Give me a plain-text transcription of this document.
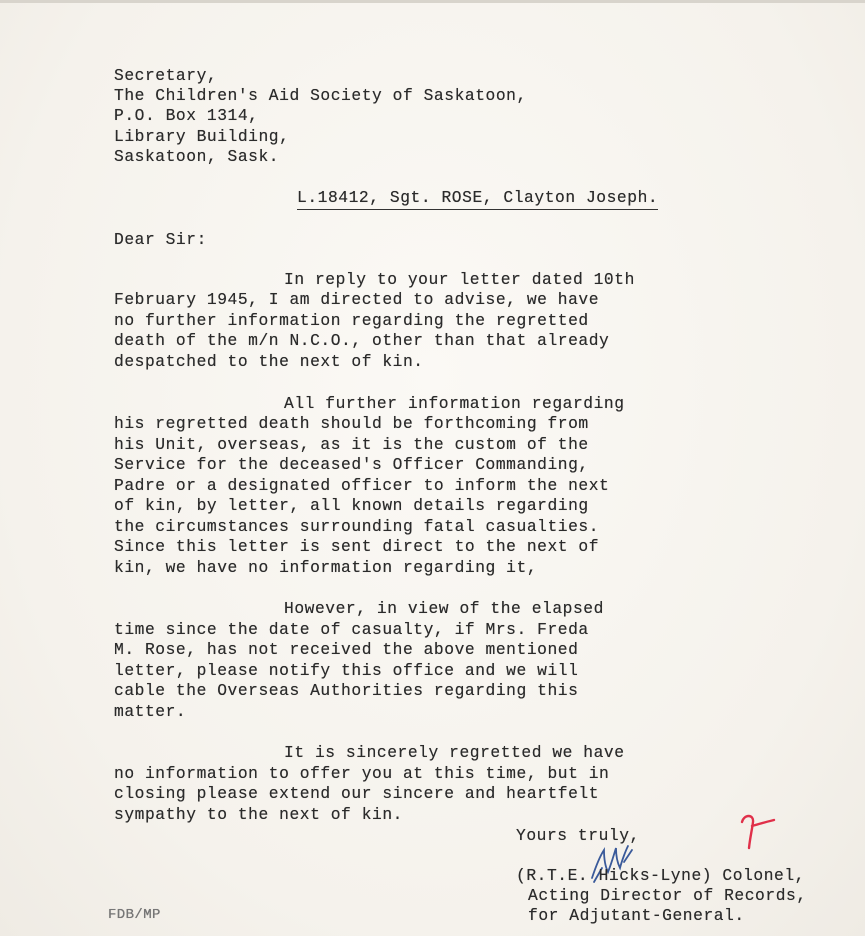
Secretary,
The Children's Aid Society of Saskatoon,
P.O. Box 1314,
Library Building,
Saskatoon, Sask.
L.18412, Sgt. ROSE, Clayton Joseph.
Dear Sir:
In reply to your letter dated 10th
February 1945, I am directed to advise, we have
no further information regarding the regretted
death of the m/n N.C.O., other than that already
despatched to the next of kin.
All further information regarding
his regretted death should be forthcoming from
his Unit, overseas, as it is the custom of the
Service for the deceased's Officer Commanding,
Padre or a designated officer to inform the next
of kin, by letter, all known details regarding
the circumstances surrounding fatal casualties.
Since this letter is sent direct to the next of
kin, we have no information regarding it,
However, in view of the elapsed
time since the date of casualty, if Mrs. Freda
M. Rose, has not received the above mentioned
letter, please notify this office and we will
cable the Overseas Authorities regarding this
matter.
It is sincerely regretted we have
no information to offer you at this time, but in
closing please extend our sincere and heartfelt
sympathy to the next of kin.
Yours truly,
(R.T.E. Hicks-Lyne) Colonel,
Acting Director of Records,
for Adjutant-General.
FDB/MP
